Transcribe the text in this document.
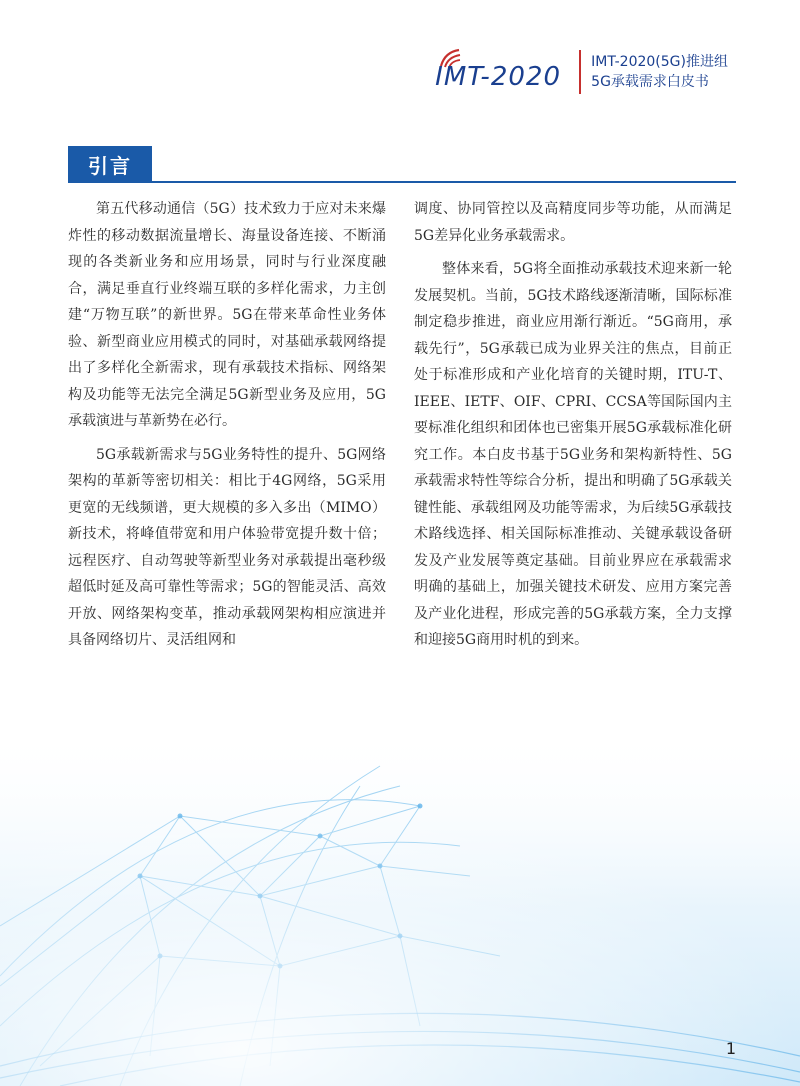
IMT-2020 IMT-2020(5G)推进组
5G承载需求白皮书
引言

第五代移动通信（5G）技术致力于应对未来爆炸性的移动数据流量增长、海量设备连接、不断涌现的各类新业务和应用场景，同时与行业深度融合，满足垂直行业终端互联的多样化需求，力主创建“万物互联”的新世界。5G在带来革命性业务体验、新型商业应用模式的同时，对基础承载网络提出了多样化全新需求，现有承载技术指标、网络架构及功能等无法完全满足5G新型业务及应用，5G承载演进与革新势在必行。

5G承载新需求与5G业务特性的提升、5G网络架构的革新等密切相关：相比于4G网络，5G采用更宽的无线频谱，更大规模的多入多出（MIMO）新技术，将峰值带宽和用户体验带宽提升数十倍；远程医疗、自动驾驶等新型业务对承载提出毫秒级超低时延及高可靠性等需求；5G的智能灵活、高效开放、网络架构变革，推动承载网架构相应演进并具备网络切片、灵活组网和

调度、协同管控以及高精度同步等功能，从而满足5G差异化业务承载需求。

整体来看，5G将全面推动承载技术迎来新一轮发展契机。当前，5G技术路线逐渐清晰，国际标准制定稳步推进，商业应用渐行渐近。“5G商用，承载先行”，5G承载已成为业界关注的焦点，目前正处于标准形成和产业化培育的关键时期，ITU-T、IEEE、IETF、OIF、CPRI、CCSA等国际国内主要标准化组织和团体也已密集开展5G承载标准化研究工作。本白皮书基于5G业务和架构新特性、5G承载需求特性等综合分析，提出和明确了5G承载关键性能、承载组网及功能等需求，为后续5G承载技术路线选择、相关国际标准推动、关键承载设备研发及产业发展等奠定基础。目前业界应在承载需求明确的基础上，加强关键技术研发、应用方案完善及产业化进程，形成完善的5G承载方案，全力支撑和迎接5G商用时机的到来。

1
